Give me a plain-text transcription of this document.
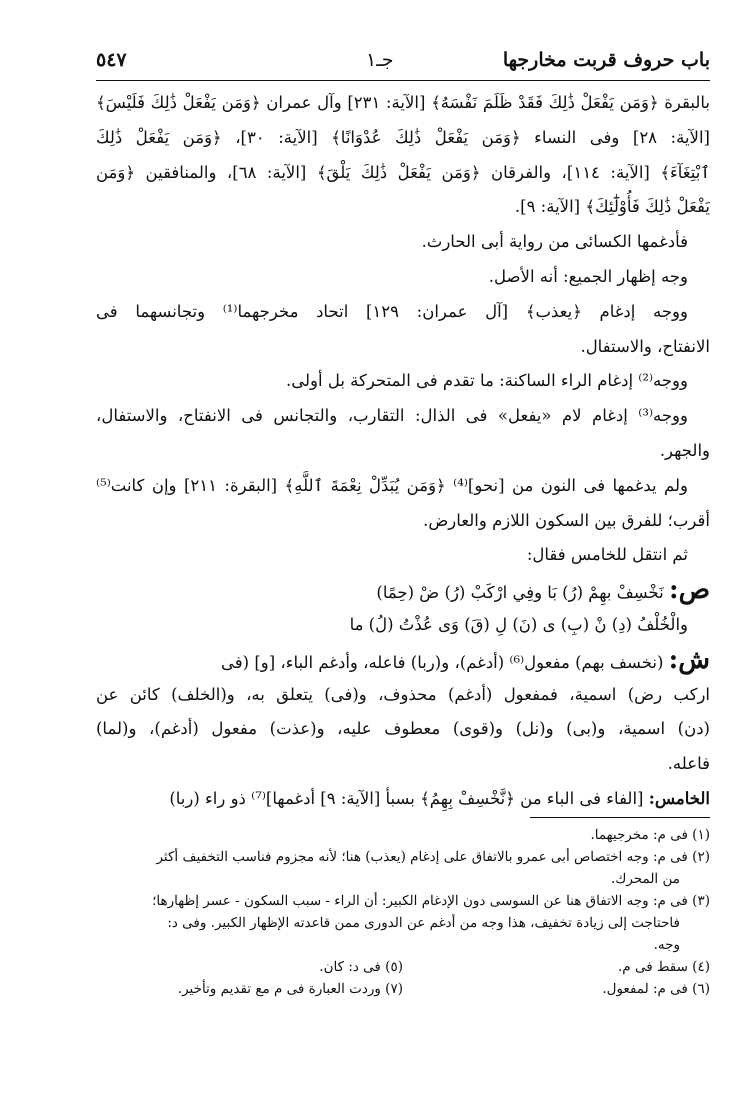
باب حروف قربت مخارجها
جـ١
٥٤٧
بالبقرة ﴿وَمَن يَفْعَلْ ذَٰلِكَ فَقَدْ ظَلَمَ نَفْسَهُ﴾ [الآية: ٢٣١] وآل عمران ﴿وَمَن يَفْعَلْ ذَٰلِكَ فَلَيْسَ﴾
[الآية: ٢٨] وفى النساء ﴿وَمَن يَفْعَلْ ذَٰلِكَ عُدْوَانًا﴾ [الآية: ٣٠]، ﴿وَمَن يَفْعَلْ ذَٰلِكَ
ٱبْتِغَآءَ﴾ [الآية: ١١٤]، والفرقان ﴿وَمَن يَفْعَلْ ذَٰلِكَ يَلْقَ﴾ [الآية: ٦٨]، والمنافقين ﴿وَمَن
يَفْعَلْ ذَٰلِكَ فَأُوْلَٰٓئِكَ﴾ [الآية: ٩].
فأدغمها الكسائى من رواية أبى الحارث.
وجه إظهار الجميع: أنه الأصل.
ووجه إدغام ﴿يعذب﴾ [آل عمران: ١٢٩] اتحاد مخرجهما⁽¹⁾ وتجانسهما فى
الانفتاح، والاستفال.
ووجه⁽²⁾ إدغام الراء الساكنة: ما تقدم فى المتحركة بل أولى.
ووجه⁽³⁾ إدغام لام «يفعل» فى الذال: التقارب، والتجانس فى الانفتاح، والاستفال،
والجهر.
ولم يدغمها فى النون من [نحو]⁽⁴⁾ ﴿وَمَن يُبَدِّلْ نِعْمَةَ ٱللَّهِ﴾ [البقرة: ٢١١] وإن كانت⁽⁵⁾
أقرب؛ للفرق بين السكون اللازم والعارض.
ثم انتقل للخامس فقال:
ص: نَخْسِفْ بهِمْ (رُ) بَا وفِي ارْكَبْ (رُ) ضْ (حِمًا)
والْخُلْفُ (دِ) نْ (بِ) ى (نَ) لِ (قَ) وَى عُذْتُ (لُ) ما
ش: (نخسف بهم) مفعول⁽⁶⁾ (أدغم)، و(ربا) فاعله، وأدغم الباء، [و] (فى
اركب رض) اسمية، فمفعول (أدغم) محذوف، و(فى) يتعلق به، و(الخلف) كائن عن
(دن) اسمية، و(بى) و(نل) و(قوى) معطوف عليه، و(عذت) مفعول (أدغم)، و(لما)
فاعله.
الخامس: [الفاء فى الباء من ﴿نَّخْسِفْ بِهِمُ﴾ بسبأ [الآية: ٩] أدغمها]⁽⁷⁾ ذو راء (ربا)
(١) فى م: مخرجيهما.
(٢) فى م: وجه اختصاص أبى عمرو بالاتفاق على إدغام (يعذب) هنا؛ لأنه مجزوم فناسب التخفيف أكثر
من المحرك.
(٣) فى م: وجه الاتفاق هنا عن السوسى دون الإدغام الكبير: أن الراء - سبب السكون - عسر إظهارها؛
فاحتاجت إلى زيادة تخفيف، هذا وجه من أدغم عن الدورى ممن قاعدته الإظهار الكبير. وفى د:
وجه.
(٤) سقط فى م.
(٥) فى د: كان.
(٦) فى م: لمفعول.
(٧) وردت العبارة فى م مع تقديم وتأخير.
